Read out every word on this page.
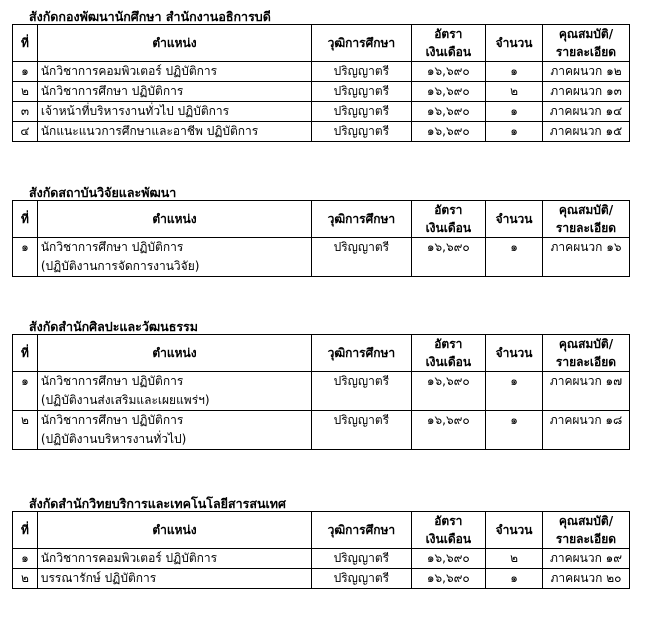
สังกัดกองพัฒนานักศึกษา สำนักงานอธิการบดี
ที่	ตำแหน่ง	วุฒิการศึกษา	อัตรา
เงินเดือน	จำนวน	คุณสมบัติ/
รายละเอียด

๑	นักวิชาการคอมพิวเตอร์ ปฏิบัติการ	ปริญญาตรี	๑๖,๖๙๐	๑	ภาคผนวก ๑๒
๒	นักวิชาการศึกษา ปฏิบัติการ	ปริญญาตรี	๑๖,๖๙๐	๒	ภาคผนวก ๑๓
๓	เจ้าหน้าที่บริหารงานทั่วไป ปฏิบัติการ	ปริญญาตรี	๑๖,๖๙๐	๑	ภาคผนวก ๑๔
๔	นักแนะแนวการศึกษาและอาชีพ ปฏิบัติการ	ปริญญาตรี	๑๖,๖๙๐	๑	ภาคผนวก ๑๕
สังกัดสถาบันวิจัยและพัฒนา
ที่	ตำแหน่ง	วุฒิการศึกษา	อัตรา
เงินเดือน	จำนวน	คุณสมบัติ/
รายละเอียด

๑	นักวิชาการศึกษา ปฏิบัติการ
(ปฏิบัติงานการจัดการงานวิจัย)	ปริญญาตรี	๑๖,๖๙๐	๑	ภาคผนวก ๑๖
สังกัดสำนักศิลปะและวัฒนธรรม
ที่	ตำแหน่ง	วุฒิการศึกษา	อัตรา
เงินเดือน	จำนวน	คุณสมบัติ/
รายละเอียด

๑	นักวิชาการศึกษา ปฏิบัติการ
(ปฏิบัติงานส่งเสริมและเผยแพร่ฯ)	ปริญญาตรี	๑๖,๖๙๐	๑	ภาคผนวก ๑๗
๒	นักวิชาการศึกษา ปฏิบัติการ
(ปฏิบัติงานบริหารงานทั่วไป)	ปริญญาตรี	๑๖,๖๙๐	๑	ภาคผนวก ๑๘
สังกัดสำนักวิทยบริการและเทคโนโลยีสารสนเทศ
ที่	ตำแหน่ง	วุฒิการศึกษา	อัตรา
เงินเดือน	จำนวน	คุณสมบัติ/
รายละเอียด

๑	นักวิชาการคอมพิวเตอร์ ปฏิบัติการ	ปริญญาตรี	๑๖,๖๙๐	๒	ภาคผนวก ๑๙
๒	บรรณารักษ์ ปฏิบัติการ	ปริญญาตรี	๑๖,๖๙๐	๑	ภาคผนวก ๒๐
